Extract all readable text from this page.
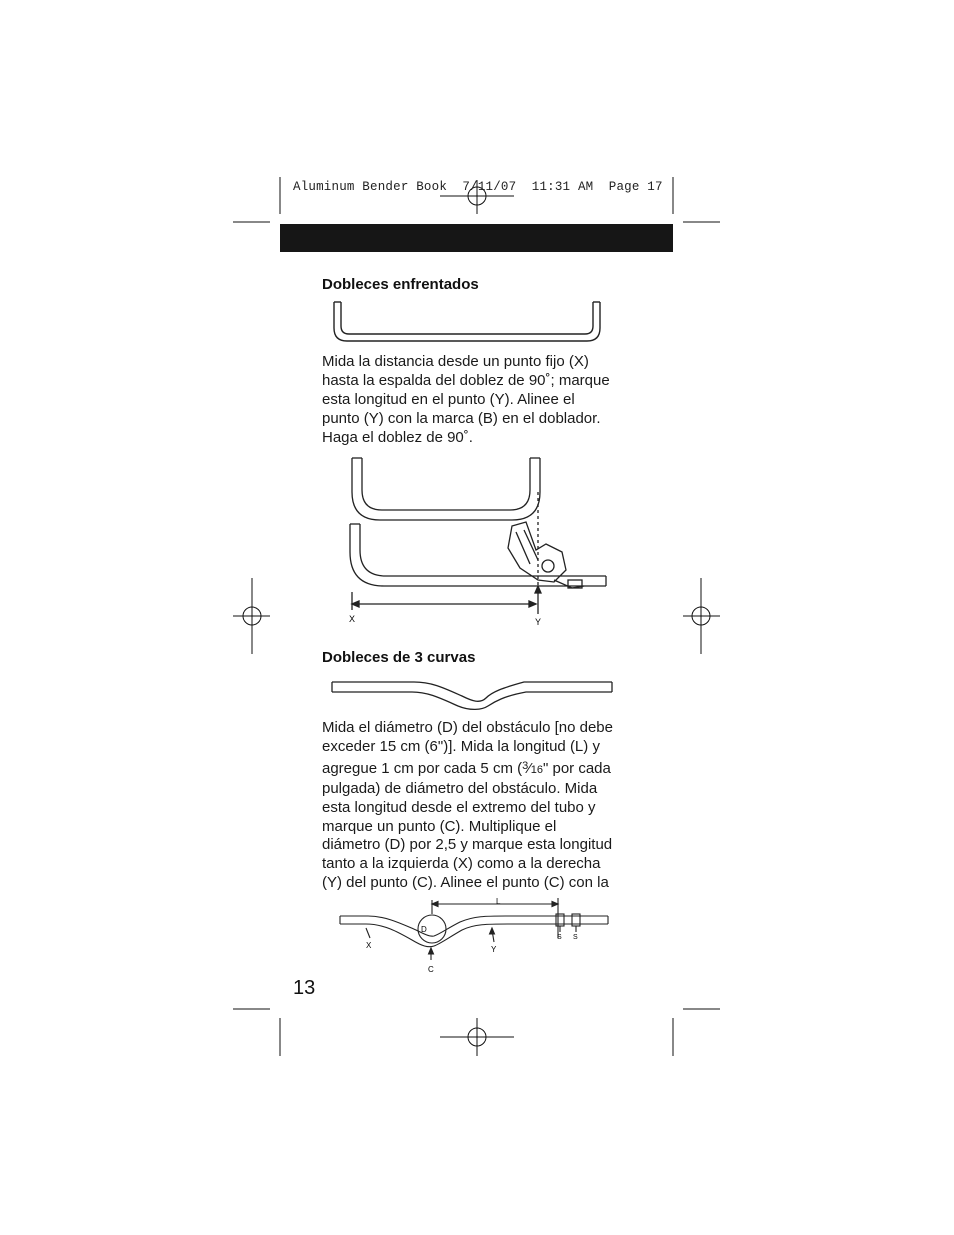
Aluminum Bender Book  7/11/07  11:31 AM  Page 17
Dobleces enfrentados
Mida la distancia desde un punto fijo (X)
hasta la espalda del doblez de 90˚; marque
esta longitud en el punto (Y). Alinee el
punto (Y) con la marca (B) en el doblador.
Haga el doblez de 90˚.
X	Y
Dobleces de 3 curvas
Mida el diámetro (D) del obstáculo [no debe
exceder 15 cm (6")]. Mida la longitud (L) y
agregue 1 cm por cada 5 cm ($^3$⁄16" por cada
pulgada) de diámetro del obstáculo. Mida
esta longitud desde el extremo del tubo y
marque un punto (C). Multiplique el
diámetro (D) por 2,5 y marque esta longitud
tanto a la izquierda (X) como a la derecha
(Y) del punto (C). Alinee el punto (C) con la
D
L
X
C
Y
S S
13
